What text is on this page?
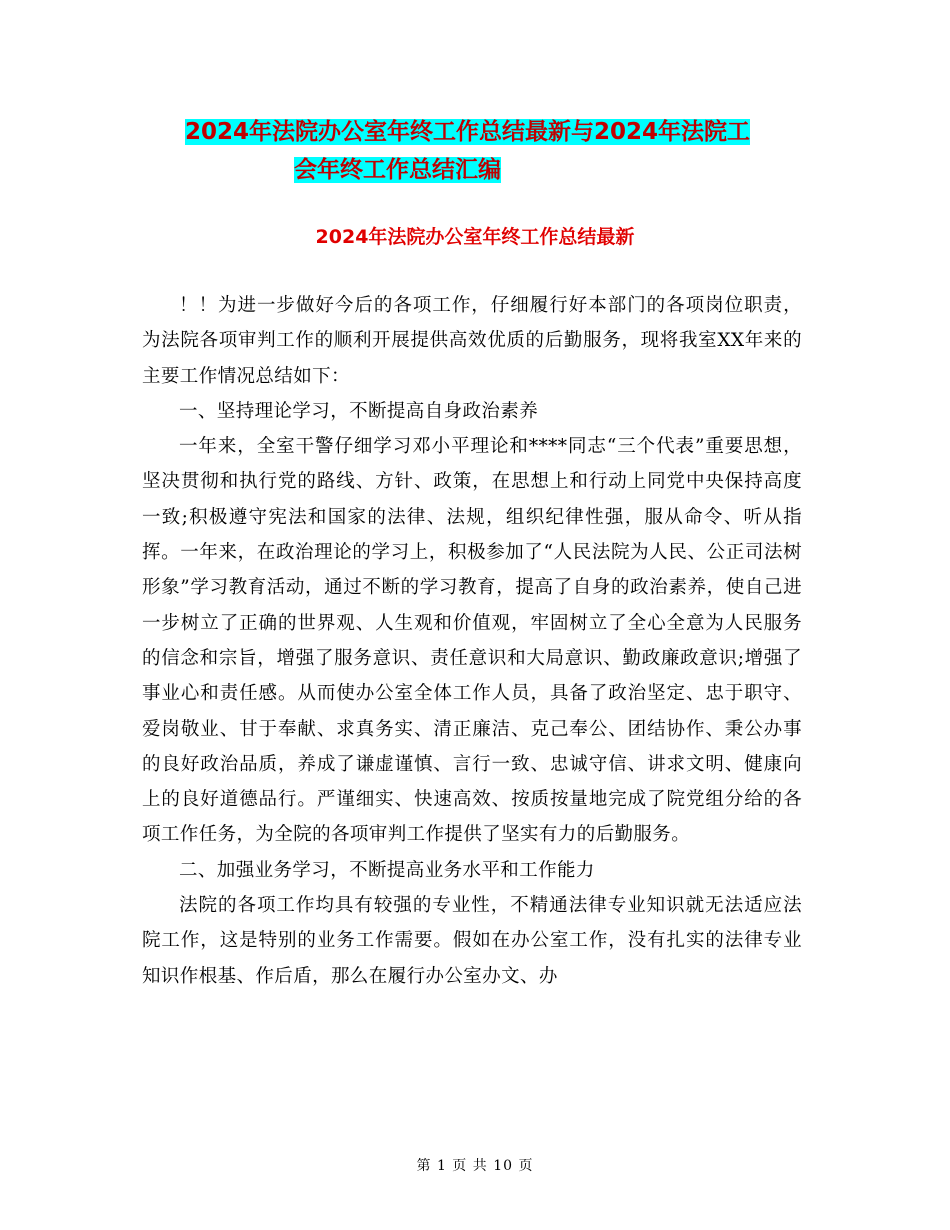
2024年法院办公室年终工作总结最新与2024年法院工
会年终工作总结汇编
2024年法院办公室年终工作总结最新

！！为进一步做好今后的各项工作，仔细履行好本部门的各项岗位职责，为法院各项审判工作的顺利开展提供高效优质的后勤服务，现将我室XX年来的主要工作情况总结如下：

一、坚持理论学习，不断提高自身政治素养

一年来，全室干警仔细学习邓小平理论和****同志“三个代表”重要思想，坚决贯彻和执行党的路线、方针、政策，在思想上和行动上同党中央保持高度一致;积极遵守宪法和国家的法律、法规，组织纪律性强，服从命令、听从指挥。一年来，在政治理论的学习上，积极参加了“人民法院为人民、公正司法树形象”学习教育活动，通过不断的学习教育，提高了自身的政治素养，使自己进一步树立了正确的世界观、人生观和价值观，牢固树立了全心全意为人民服务的信念和宗旨，增强了服务意识、责任意识和大局意识、勤政廉政意识;增强了事业心和责任感。从而使办公室全体工作人员，具备了政治坚定、忠于职守、爱岗敬业、甘于奉献、求真务实、清正廉洁、克己奉公、团结协作、秉公办事的良好政治品质，养成了谦虚谨慎、言行一致、忠诚守信、讲求文明、健康向上的良好道德品行。严谨细实、快速高效、按质按量地完成了院党组分给的各项工作任务，为全院的各项审判工作提供了坚实有力的后勤服务。

二、加强业务学习，不断提高业务水平和工作能力

法院的各项工作均具有较强的专业性，不精通法律专业知识就无法适应法院工作，这是特别的业务工作需要。假如在办公室工作，没有扎实的法律专业知识作根基、作后盾，那么在履行办公室办文、办

第 1 页 共 10 页
